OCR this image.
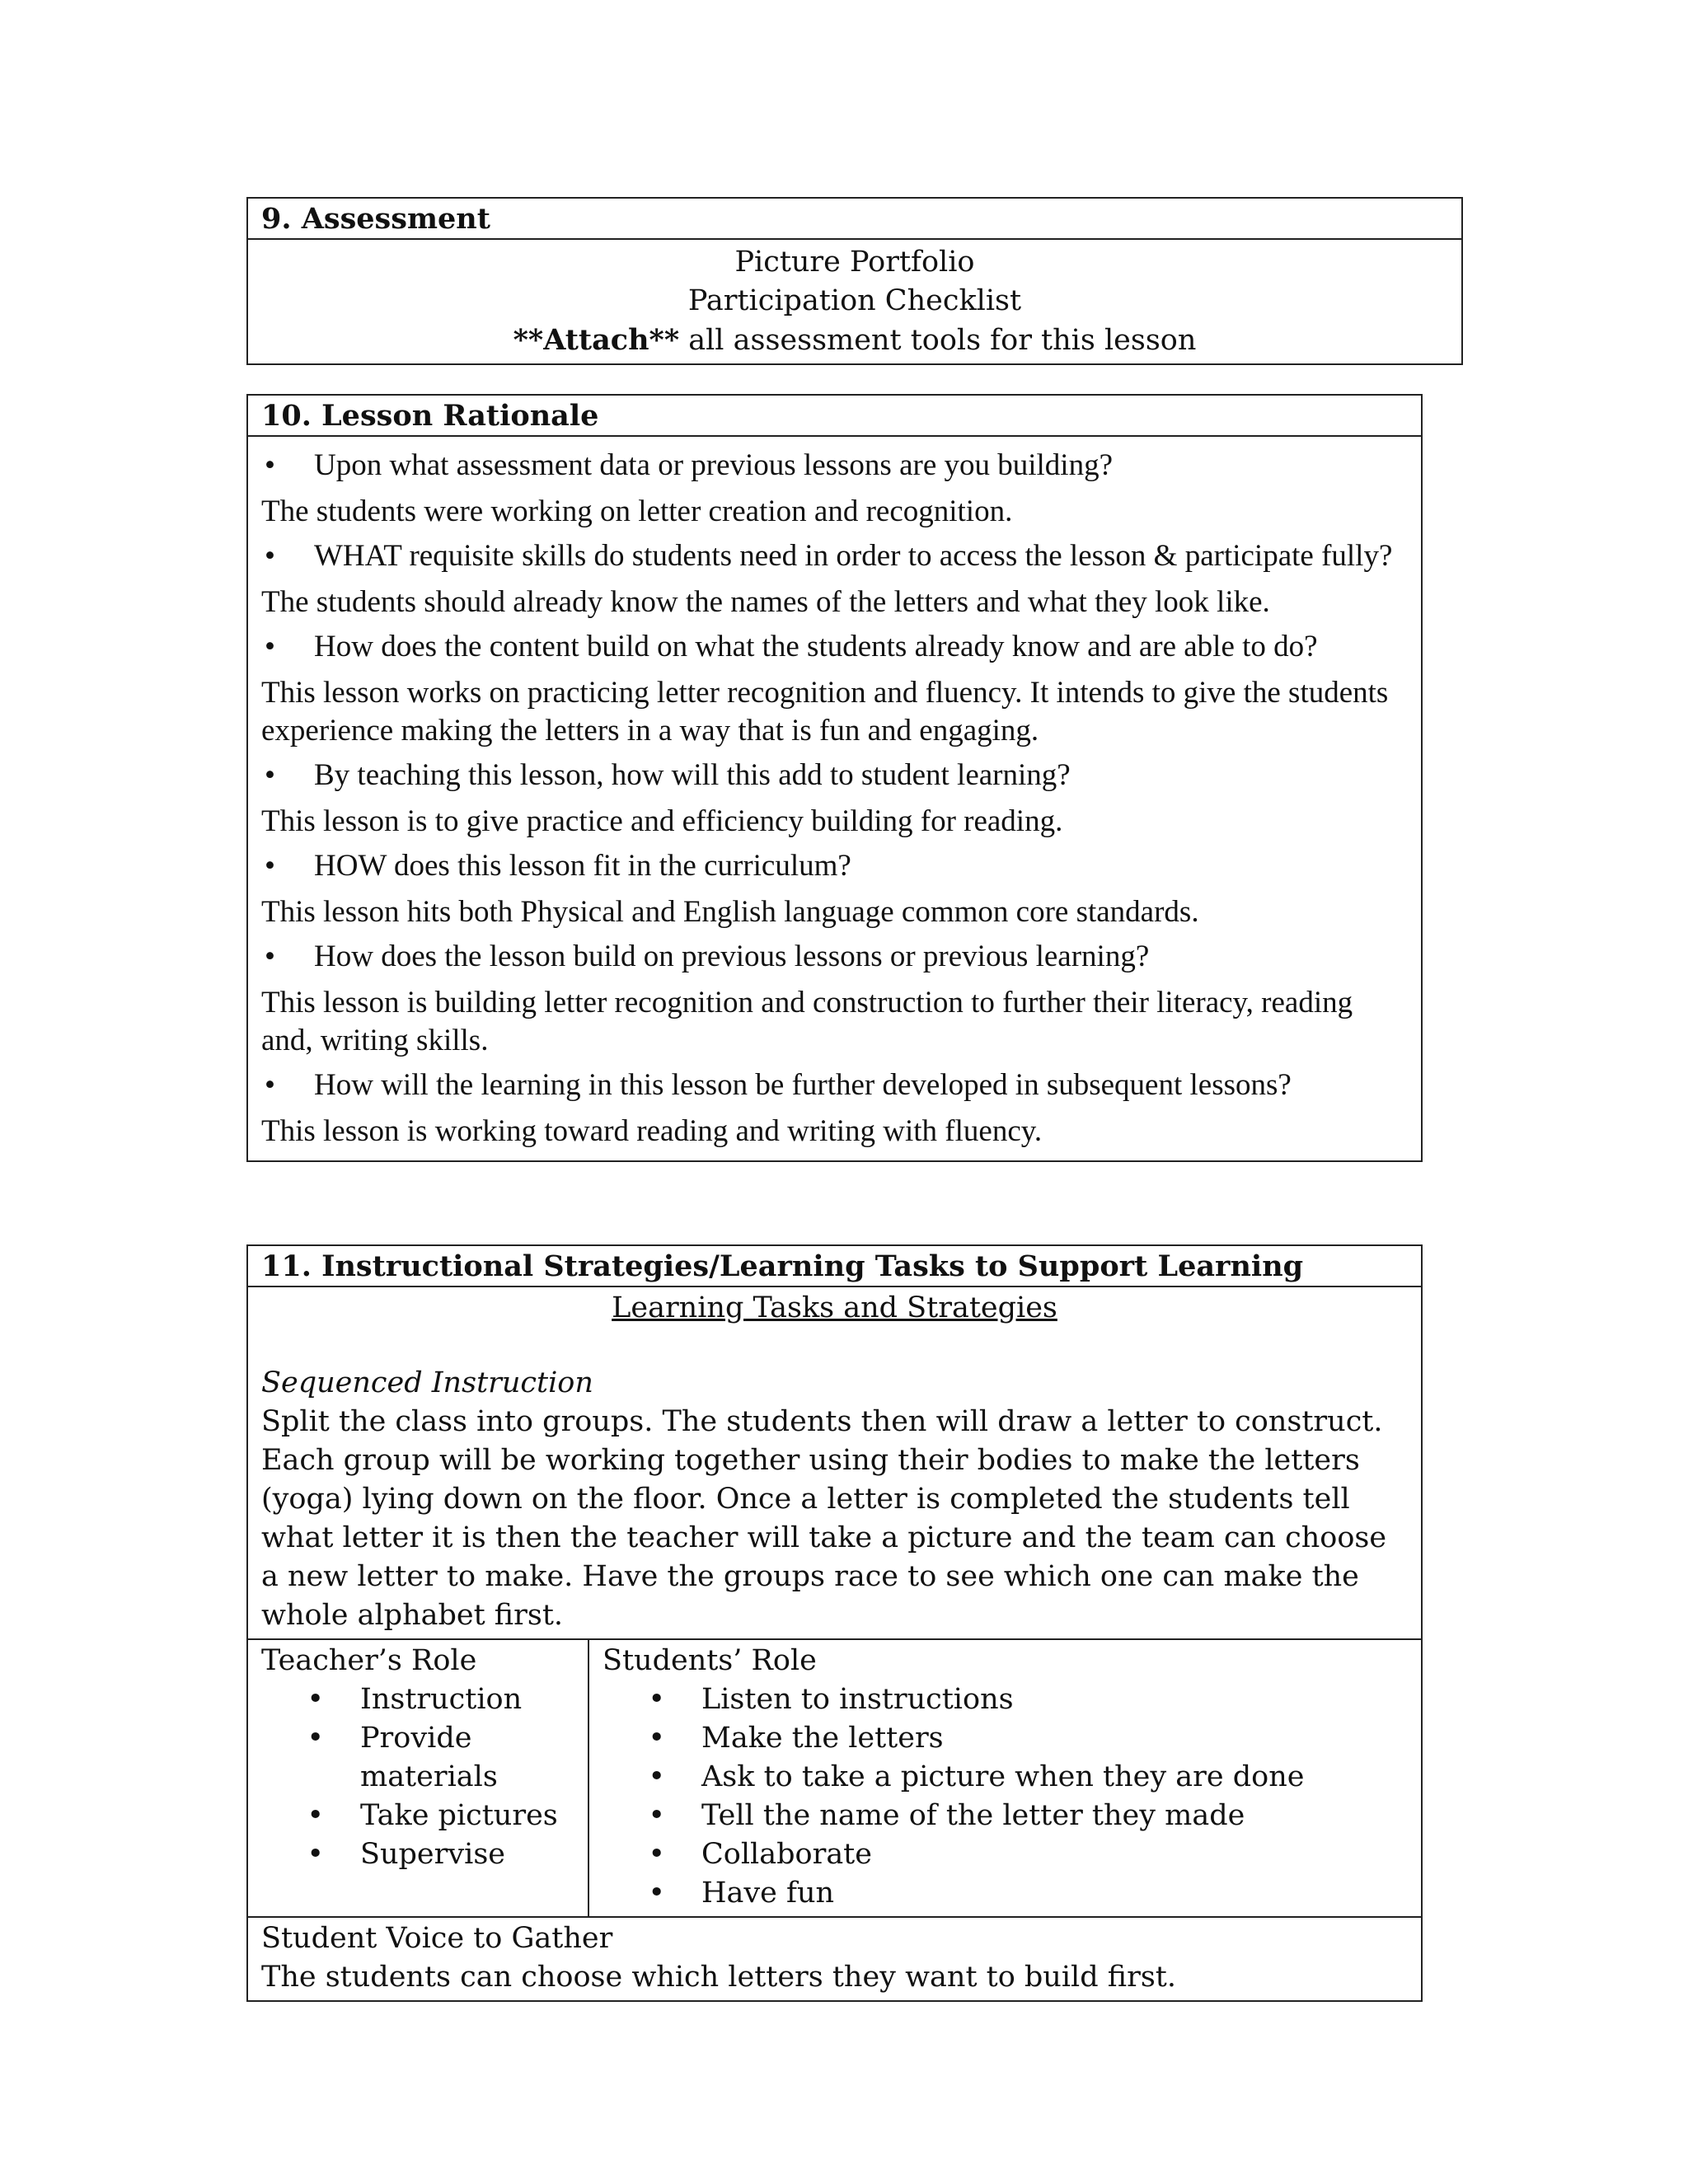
9. Assessment

Picture Portfolio
Participation Checklist
**Attach** all assessment tools for this lesson
10. Lesson Rationale

•	Upon what assessment data or previous lessons are you building?
The students were working on letter creation and recognition.
•	WHAT requisite skills do students need in order to access the lesson & participate fully?
The students should already know the names of the letters and what they look like.
•	How does the content build on what the students already know and are able to do?
This lesson works on practicing letter recognition and fluency. It intends to give the students experience making the letters in a way that is fun and engaging.
•	By teaching this lesson, how will this add to student learning?
This lesson is to give practice and efficiency building for reading.
•	HOW does this lesson fit in the curriculum?
This lesson hits both Physical and English language common core standards.
•	How does the lesson build on previous lessons or previous learning?
This lesson is building letter recognition and construction to further their literacy, reading and, writing skills.
•	How will the learning in this lesson be further developed in subsequent lessons?
This lesson is working toward reading and writing with fluency.
11. Instructional Strategies/Learning Tasks to Support Learning

Learning Tasks and Strategies
Sequenced Instruction
Split the class into groups. The students then will draw a letter to construct. Each group will be working together using their bodies to make the letters (yoga) lying down on the floor. Once a letter is completed the students tell what letter it is then the teacher will take a picture and the team can choose a new letter to make. Have the groups race to see which one can make the whole alphabet first.

Teacher’s Role
•	Instruction
•	Provide materials
•	Take pictures
•	Supervise

Students’ Role
•	Listen to instructions
•	Make the letters
•	Ask to take a picture when they are done
•	Tell the name of the letter they made
•	Collaborate
•	Have fun

Student Voice to Gather
The students can choose which letters they want to build first.
